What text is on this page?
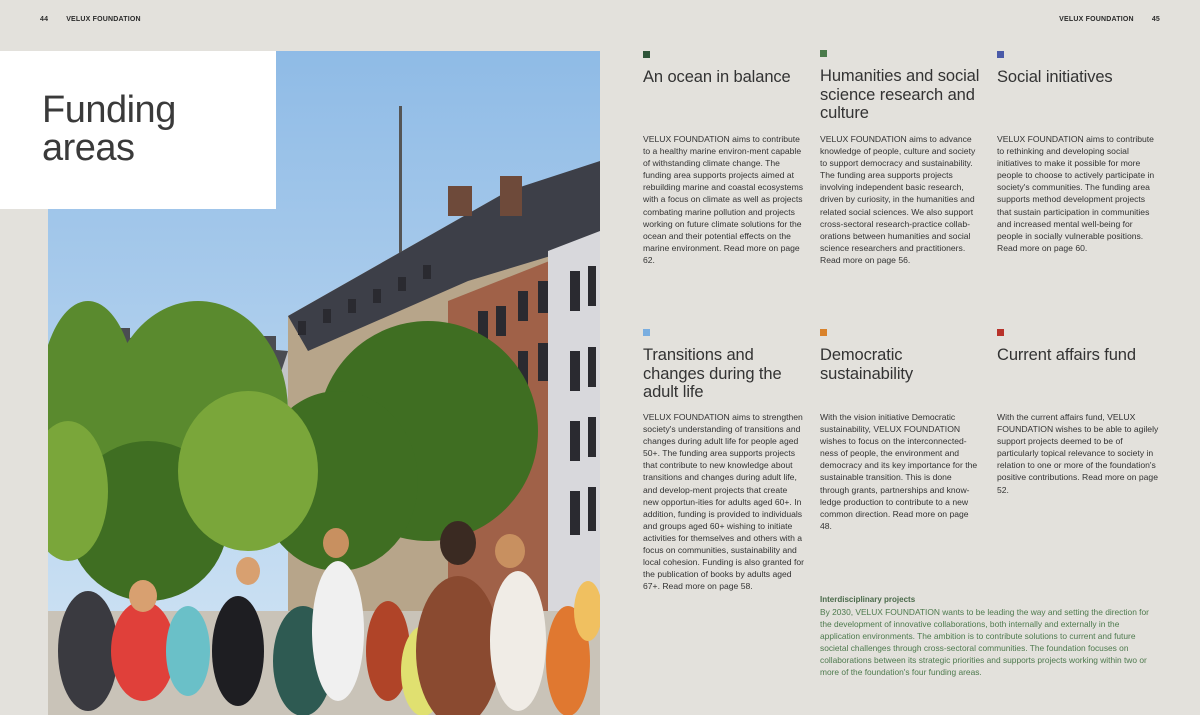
44	VELUX FOUNDATION	VELUX FOUNDATION	45
Funding areas
An ocean in balance

VELUX FOUNDATION aims to contribute to a healthy marine environ-ment capable of withstanding climate change. The funding area supports projects aimed at rebuilding marine and coastal ecosystems with a focus on climate as well as projects combating marine pollution and projects working on future climate solutions for the ocean and their potential effects on the marine environment. Read more on page 62.

Humanities and social science research and culture

VELUX FOUNDATION aims to advance knowledge of people, culture and society to support democracy and sustainability. The funding area supports projects involving independent basic research, driven by curiosity, in the humanities and related social sciences. We also support cross-sectoral research-practice collab-orations between humanities and social science researchers and practitioners. Read more on page 56.

Social initiatives

VELUX FOUNDATION aims to contribute to rethinking and developing social initiatives to make it possible for more people to choose to actively participate in society's communities. The funding area supports method development projects that sustain participation in communities and increased mental well-being for people in socially vulnerable positions. Read more on page 60.

Transitions and changes during the adult life

VELUX FOUNDATION aims to strengthen society's understanding of transitions and changes during adult life for people aged 50+. The funding area supports projects that contribute to new knowledge about transitions and changes during adult life, and develop-ment projects that create new opportun-ities for adults aged 60+. In addition, funding is provided to individuals and groups aged 60+ wishing to initiate activities for themselves and others with a focus on communities, sustainability and local cohesion. Funding is also granted for the publication of books by adults aged 67+. Read more on page 58.

Democratic sustainability

With the vision initiative Democratic sustainability, VELUX FOUNDATION wishes to focus on the interconnected-ness of people, the environment and democracy and its key importance for the sustainable transition. This is done through grants, partnerships and know-ledge production to contribute to a new common direction. Read more on page 48.

Current affairs fund

With the current affairs fund, VELUX FOUNDATION wishes to be able to agilely support projects deemed to be of particularly topical relevance to society in relation to one or more of the foundation's positive contributions. Read more on page 52.

Interdisciplinary projects

By 2030, VELUX FOUNDATION wants to be leading the way and setting the direction for the development of innovative collaborations, both internally and externally in the application environments. The ambition is to contribute solutions to current and future societal challenges through cross-sectoral communities. The foundation focuses on collaborations between its strategic priorities and supports projects working within two or more of the foundation's four funding areas.
